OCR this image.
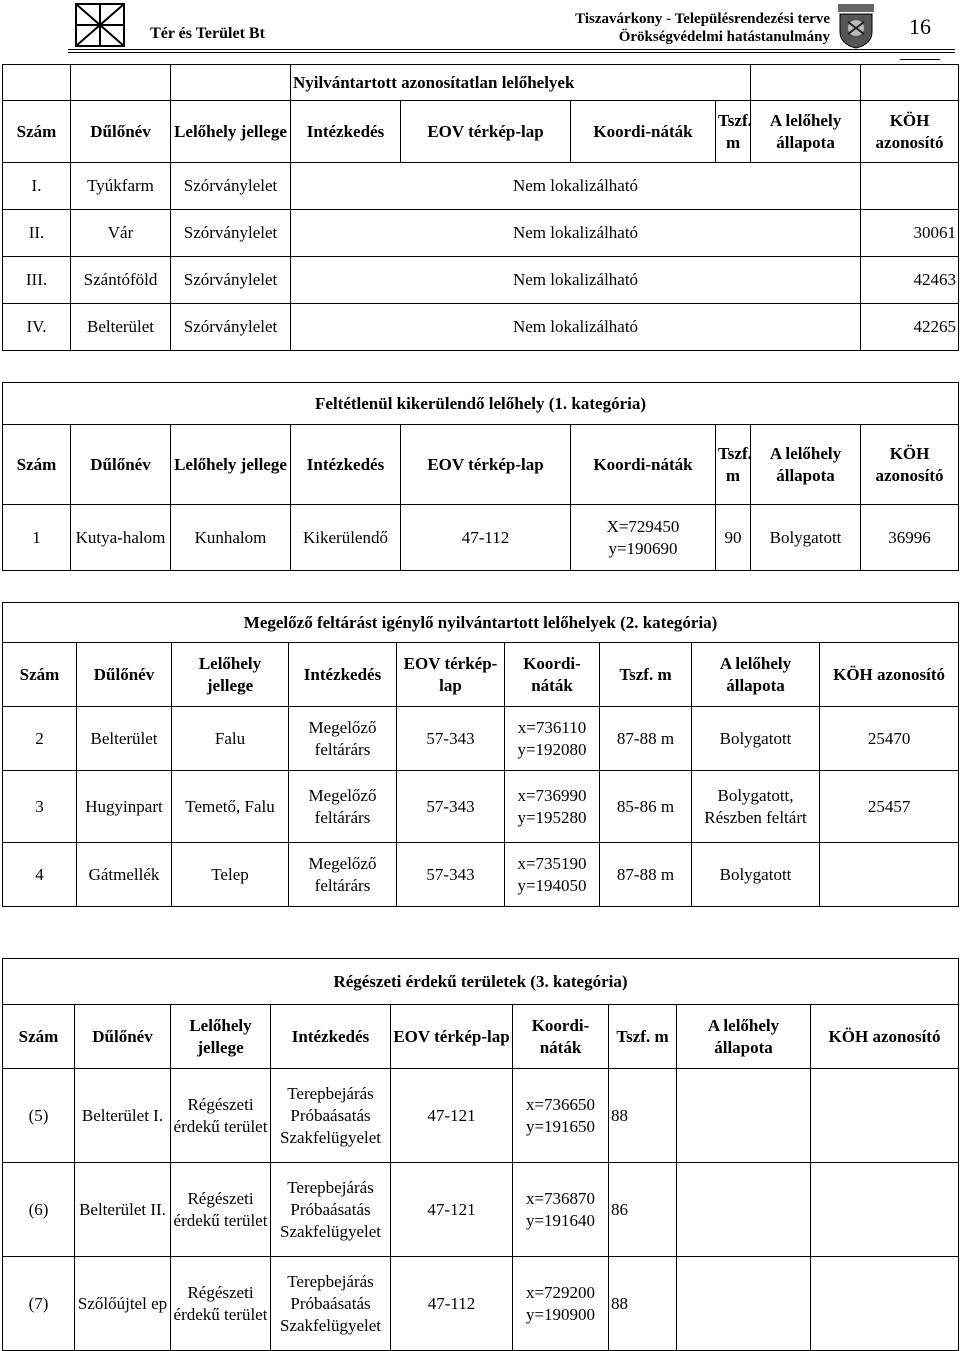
Tér és Terület Bt
Tiszavárkony - Településrendezési terve
Örökségvédelmi hatástanulmány	16

			Nyilvántartott azonosítatlan lelőhelyek					
Szám	Dűlőnév	Lelőhely jellege	Intézkedés	EOV térkép-lap	Koordi-náták	Tszf. m	A lelőhely állapota	KÖH azonosító
I.	Tyúkfarm	Szórványlelet	Nem lokalizálható					
II.	Vár	Szórványlelet	Nem lokalizálható					30061
III.	Szántóföld	Szórványlelet	Nem lokalizálható					42463
IV.	Belterület	Szórványlelet	Nem lokalizálható					42265
Feltétlenül kikerülendő lelőhely (1. kategória)								
Szám	Dűlőnév	Lelőhely jellege	Intézkedés	EOV térkép-lap	Koordi-náták	Tszf. m	A lelőhely állapota	KÖH azonosító
1	Kutya-halom	Kunhalom	Kikerülendő	47-112	X=729450 y=190690	90	Bolygatott	36996
Megelőző feltárást igénylő nyilvántartott lelőhelyek (2. kategória)								
Szám	Dűlőnév	Lelőhely jellege	Intézkedés	EOV térkép-lap	Koordi-náták	Tszf. m	A lelőhely állapota	KÖH azonosító
2	Belterület	Falu	Megelőző feltárárs	57-343	x=736110 y=192080	87-88 m	Bolygatott	25470
3	Hugyinpart	Temető, Falu	Megelőző feltárárs	57-343	x=736990 y=195280	85-86 m	Bolygatott, Részben feltárt	25457
4	Gátmellék	Telep	Megelőző feltárárs	57-343	x=735190 y=194050	87-88 m	Bolygatott	
Régészeti érdekű területek (3. kategória)								
Szám	Dűlőnév	Lelőhely jellege	Intézkedés	EOV térkép-lap	Koordi-náták	Tszf. m	A lelőhely állapota	KÖH azonosító
(5)	Belterület I.	Régészeti érdekű terület	Terepbejárás Próbaásatás Szakfelügyelet	47-121	x=736650 y=191650	88		
(6)	Belterület II.	Régészeti érdekű terület	Terepbejárás Próbaásatás Szakfelügyelet	47-121	x=736870 y=191640	86		
(7)	Szőlőújtel ep	Régészeti érdekű terület	Terepbejárás Próbaásatás Szakfelügyelet	47-112	x=729200 y=190900	88		
